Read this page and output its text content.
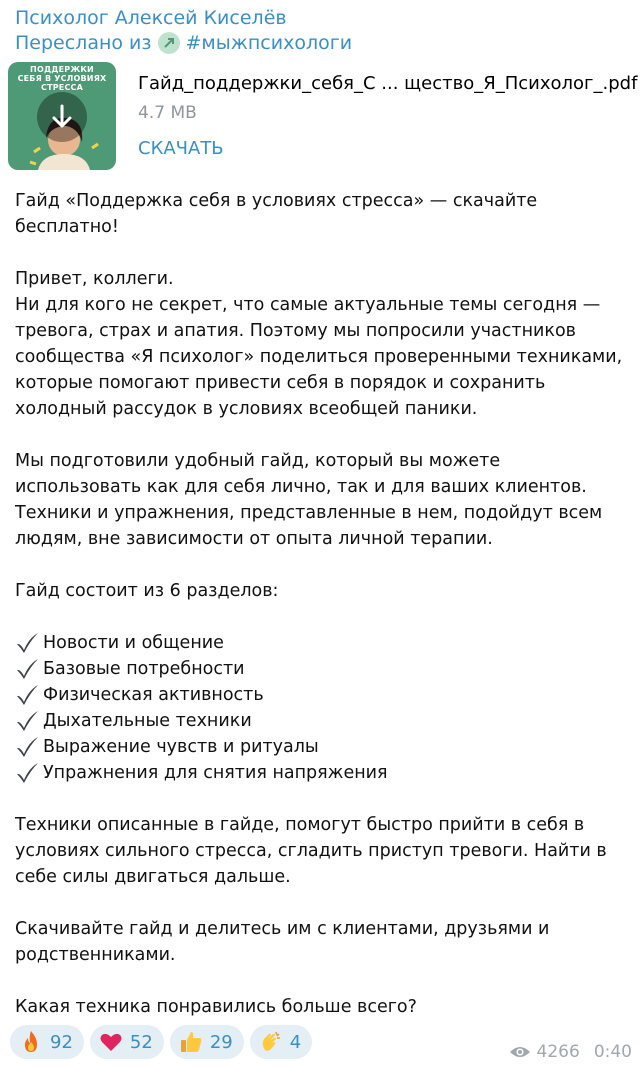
Психолог Алексей Киселёв
Переслано из #мыжпсихологи
ПОДДЕРЖКИ
СЕБЯ В УСЛОВИЯХ
СТРЕССА	Гайд_поддержки_себя_С ... щество_Я_Психолог_.pdf
4.7 MB
СКАЧАТЬ

Гайд «Поддержка себя в условиях стресса» — скачайте бесплатно!

Привет, коллеги.

Ни для кого не секрет, что самые актуальные темы сегодня — тревога, страх и апатия. Поэтому мы попросили участников сообщества «Я психолог» поделиться проверенными техниками, которые помогают привести себя в порядок и сохранить холодный рассудок в условиях всеобщей паники.

Мы подготовили удобный гайд, который вы можете использовать как для себя лично, так и для ваших клиентов. Техники и упражнения, представленные в нем, подойдут всем людям, вне зависимости от опыта личной терапии.

Гайд состоит из 6 разделов:

Новости и общение
Базовые потребности
Физическая активность
Дыхательные техники
Выражение чувств и ритуалы
Упражнения для снятия напряжения

Техники описанные в гайде, помогут быстро прийти в себя в условиях сильного стресса, сгладить приступ тревоги. Найти в себе силы двигаться дальше.

Скачивайте гайд и делитесь им с клиентами, друзьями и родственниками.

Какая техника понравились больше всего?

92	52	29	4	4266 0:40
